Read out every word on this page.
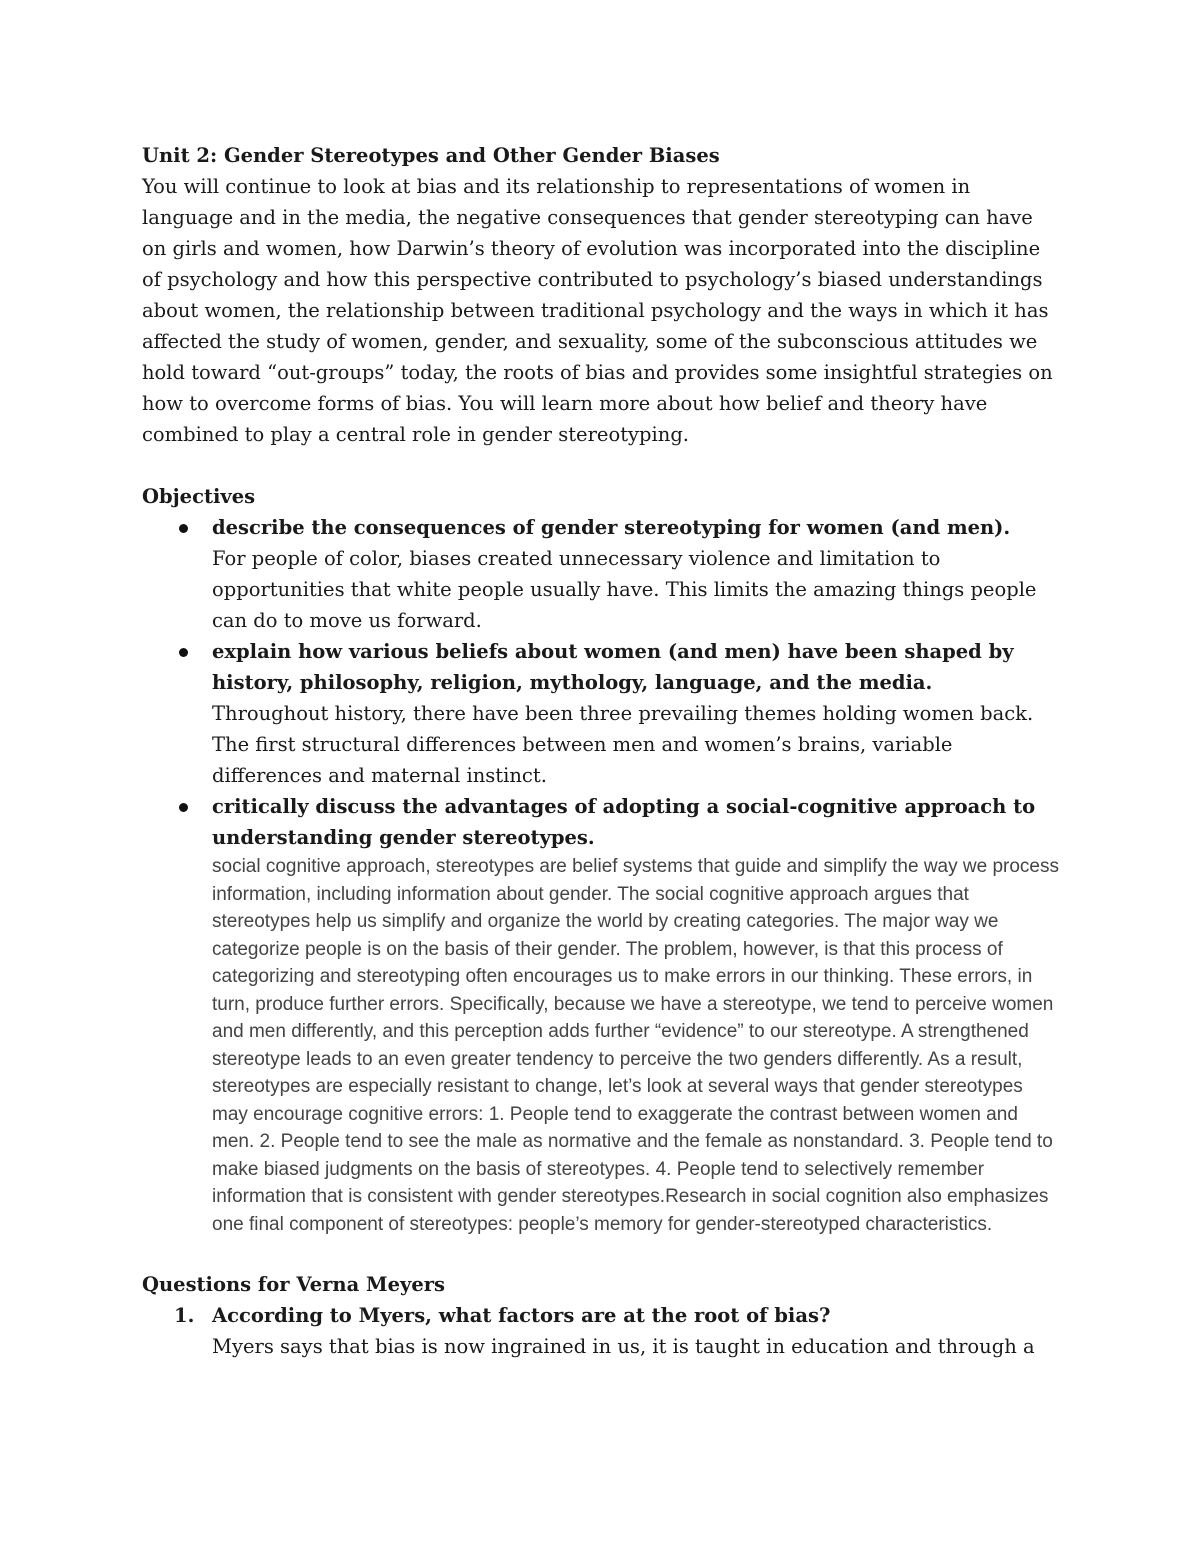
Unit 2: Gender Stereotypes and Other Gender Biases

You will continue to look at bias and its relationship to representations of women in language and in the media, the negative consequences that gender stereotyping can have on girls and women, how Darwin’s theory of evolution was incorporated into the discipline of psychology and how this perspective contributed to psychology’s biased understandings about women, the relationship between traditional psychology and the ways in which it has affected the study of women, gender, and sexuality, some of the subconscious attitudes we hold toward “out-groups” today, the roots of bias and provides some insightful strategies on how to overcome forms of bias. You will learn more about how belief and theory have combined to play a central role in gender stereotyping.

Objectives

describe the consequences of gender stereotyping for women (and men).
For people of color, biases created unnecessary violence and limitation to opportunities that white people usually have. This limits the amazing things people can do to move us forward.
explain how various beliefs about women (and men) have been shaped by history, philosophy, religion, mythology, language, and the media.
Throughout history, there have been three prevailing themes holding women back. The first structural differences between men and women’s brains, variable differences and maternal instinct.
critically discuss the advantages of adopting a social-cognitive approach to understanding gender stereotypes.
social cognitive approach, stereotypes are belief systems that guide and simplify the way we process information, including information about gender. The social cognitive approach argues that stereotypes help us simplify and organize the world by creating categories. The major way we categorize people is on the basis of their gender. The problem, however, is that this process of categorizing and stereotyping often encourages us to make errors in our thinking. These errors, in turn, produce further errors. Specifically, because we have a stereotype, we tend to perceive women and men differently, and this perception adds further “evidence” to our stereotype. A strengthened stereotype leads to an even greater tendency to perceive the two genders differently. As a result, stereotypes are especially resistant to change, let’s look at several ways that gender stereotypes may encourage cognitive errors: 1. People tend to exaggerate the contrast between women and men. 2. People tend to see the male as normative and the female as nonstandard. 3. People tend to make biased judgments on the basis of stereotypes. 4. People tend to selectively remember information that is consistent with gender stereotypes.Research in social cognition also emphasizes one final component of stereotypes: people’s memory for gender-stereotyped characteristics.

Questions for Verna Meyers

1. According to Myers, what factors are at the root of bias?
Myers says that bias is now ingrained in us, it is taught in education and through a
